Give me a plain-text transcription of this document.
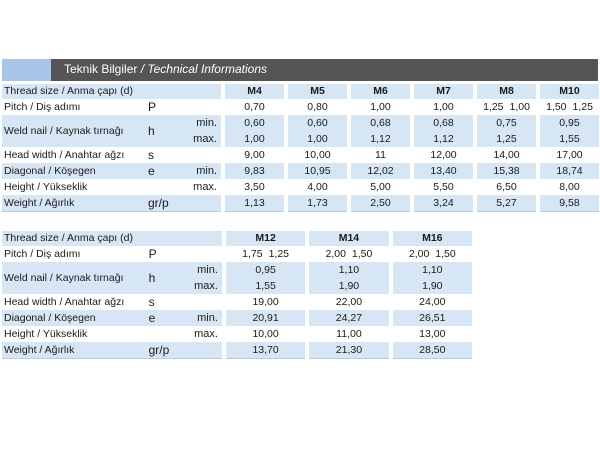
Teknik Bilgiler / Technical Informations
Thread size / Anma çapı (d)				M4		M5		M6		M7		M8		M10
Pitch / Diş adımı	P			0,70		0,80		1,00		1,00		1,25 1,00		1,50 1,25

Weld nail / Kaynak tırnağı	h	min.		0,60		0,60		0,68		0,68		0,75		0,95
		max.		1,00		1,00		1,12		1,12		1,25		1,55
Head width / Anahtar ağzı	s			9,00		10,00		11		12,00		14,00		17,00
Diagonal / Köşegen	e	min.		9,83		10,95		12,02		13,40		15,38		18,74
Height / Yükseklik		max.		3,50		4,00		5,00		5,50		6,50		8,00
Weight / Ağırlık	gr/p			1,13		1,73		2,50		3,24		5,27		9,58
Thread size / Anma çapı (d)				M12		M14		M16
Pitch / Diş adımı	P			1,75 1,25		2,00 1,50		2,00 1,50

Weld nail / Kaynak tırnağı	h	min.		0,95		1,10		1,10
		max.		1,55		1,90		1,90
Head width / Anahtar ağzı	s			19,00		22,00		24,00
Diagonal / Köşegen	e	min.		20,91		24,27		26,51
Height / Yükseklik		max.		10,00		11,00		13,00
Weight / Ağırlık	gr/p			13,70		21,30		28,50
